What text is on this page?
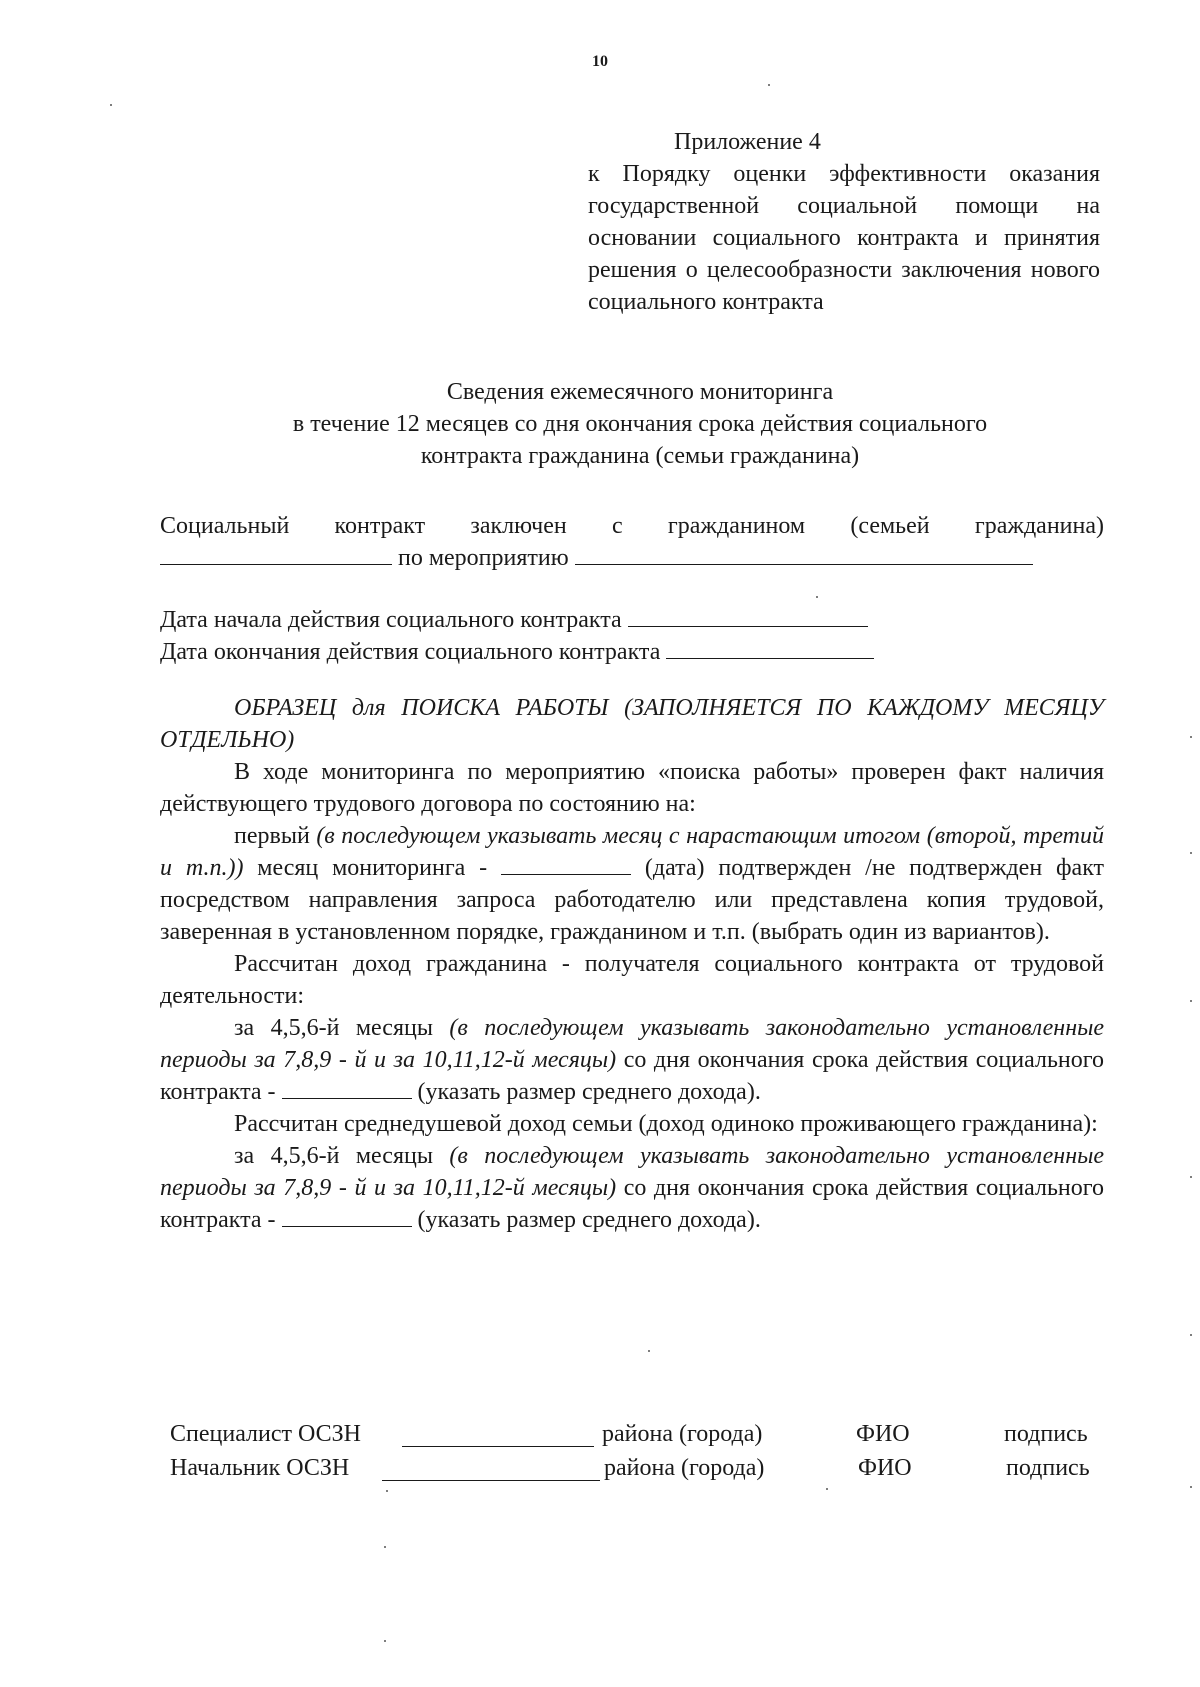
10
Приложение 4
к Порядку оценки эффективности оказания государственной социальной помощи на основании социального контракта и принятия решения о целесообразности заключения нового социального контракта
Сведения ежемесячного мониторинга
в течение 12 месяцев со дня окончания срока действия социального
контракта гражданина (семьи гражданина)
Социальный контракт заключен с гражданином (семьей гражданина)
по мероприятию
Дата начала действия социального контракта
Дата окончания действия социального контракта
ОБРАЗЕЦ для ПОИСКА РАБОТЫ (ЗАПОЛНЯЕТСЯ ПО КАЖДОМУ МЕСЯЦУ ОТДЕЛЬНО)
В ходе мониторинга по мероприятию «поиска работы» проверен факт наличия действующего трудового договора по состоянию на:
первый (в последующем указывать месяц с нарастающим итогом (второй, третий и т.п.)) месяц мониторинга -	(дата) подтвержден /не подтвержден факт посредством направления запроса работодателю или представлена копия трудовой, заверенная в установленном порядке, гражданином и т.п. (выбрать один из вариантов).
Рассчитан доход гражданина - получателя социального контракта от трудовой деятельности:
за 4,5,6-й месяцы (в последующем указывать законодательно установленные периоды за 7,8,9 - й и за 10,11,12-й месяцы) со дня окончания срока действия социального контракта -	(указать размер среднего дохода).
Рассчитан среднедушевой доход семьи (доход одиноко проживающего гражданина):
за 4,5,6-й месяцы (в последующем указывать законодательно установленные периоды за 7,8,9 - й и за 10,11,12-й месяцы) со дня окончания срока действия социального контракта -	(указать размер среднего дохода).
Специалист ОСЗН	района (города)	ФИО	подпись
Начальник ОСЗН	района (города)	ФИО	подпись
